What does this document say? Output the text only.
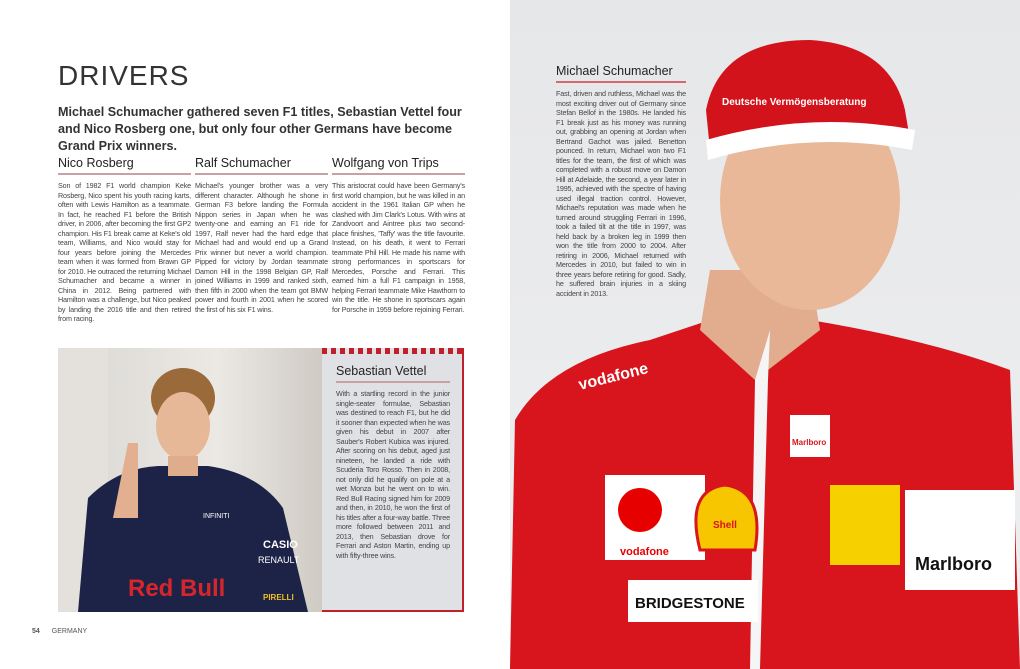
DRIVERS

Michael Schumacher gathered seven F1 titles, Sebastian Vettel four and Nico Rosberg one, but only four other Germans have become Grand Prix winners.

Nico Rosberg

Son of 1982 F1 world champion Keke Rosberg, Nico spent his youth racing karts, often with Lewis Hamilton as a teammate. In fact, he reached F1 before the British driver, in 2006, after becoming the first GP2 champion. His F1 break came at Keke's old team, Williams, and Nico would stay for four years before joining the Mercedes team when it was formed from Brawn GP for 2010. He outraced the returning Michael Schumacher and became a winner in China in 2012. Being partnered with Hamilton was a challenge, but Nico peaked by landing the 2016 title and then retired from racing.

Ralf Schumacher

Michael's younger brother was a very different character. Although he shone in German F3 before landing the Formula Nippon series in Japan when he was twenty-one and earning an F1 ride for 1997, Ralf never had the hard edge that Michael had and would end up a Grand Prix winner but never a world champion. Pipped for victory by Jordan teammate Damon Hill in the 1998 Belgian GP, Ralf joined Williams in 1999 and ranked sixth, then fifth in 2000 when the team got BMW power and fourth in 2001 when he scored the first of his six F1 wins.

Wolfgang von Trips

This aristocrat could have been Germany's first world champion, but he was killed in an accident in the 1961 Italian GP when he clashed with Jim Clark's Lotus. With wins at Zandvoort and Aintree plus two second-place finishes, 'Taffy' was the title favourite. Instead, on his death, it went to Ferrari teammate Phil Hill. He made his name with strong performances in sportscars for Mercedes, Porsche and Ferrari. This earned him a full F1 campaign in 1958, helping Ferrari teammate Mike Hawthorn to win the title. He shone in sportscars again for Porsche in 1959 before rejoining Ferrari.

Red Bull
INFINITI
CASIO
RENAULT
PIRELLI
Sebastian Vettel

With a startling record in the junior single-seater formulae, Sebastian was destined to reach F1, but he did it sooner than expected when he was given his debut in 2007 after Sauber's Robert Kubica was injured. After scoring on his debut, aged just nineteen, he landed a ride with Scuderia Toro Rosso. Then in 2008, not only did he qualify on pole at a wet Monza but he went on to win. Red Bull Racing signed him for 2009 and then, in 2010, he won the first of his titles after a four-way battle. Three more followed between 2011 and 2013, then Sebastian drove for Ferrari and Aston Martin, ending up with fifty-three wins.

54 GERMANY
Deutsche Vermögensberatung
vodafone
vodafone
Shell
BRIDGESTONE
Marlboro
Marlboro
Michael Schumacher

Fast, driven and ruthless, Michael was the most exciting driver out of Germany since Stefan Bellof in the 1980s. He landed his F1 break just as his money was running out, grabbing an opening at Jordan when Bertrand Gachot was jailed. Benetton pounced. In return, Michael won two F1 titles for the team, the first of which was completed with a robust move on Damon Hill at Adelaide, the second, a year later in 1995, achieved with the spectre of having used illegal traction control. However, Michael's reputation was made when he turned around struggling Ferrari in 1996, took a failed tilt at the title in 1997, was held back by a broken leg in 1999 then won the title from 2000 to 2004. After retiring in 2006, Michael returned with Mercedes in 2010, but failed to win in three years before retiring for good. Sadly, he suffered brain injuries in a skiing accident in 2013.
